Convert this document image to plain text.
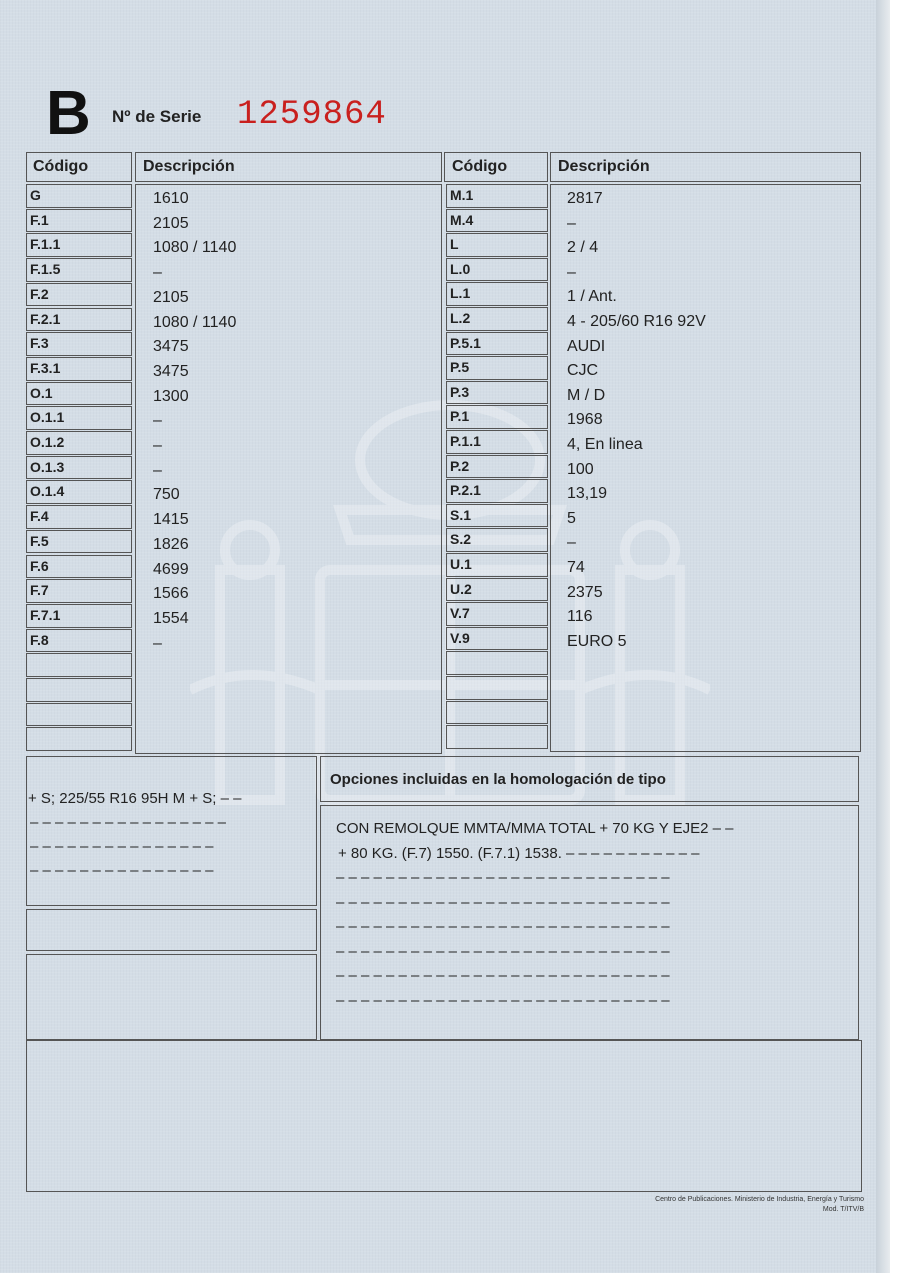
B Nº de Serie 1259864
Código	Descripción	Código	Descripción
G	1610
F.1	2105
F.1.1	1080 / 1140
F.1.5	–
F.2	2105
F.2.1	1080 / 1140
F.3	3475
F.3.1	3475
O.1	1300
O.1.1	–
O.1.2	–
O.1.3	–
O.1.4	750
F.4	1415
F.5	1826
F.6	4699
F.7	1566
F.7.1	1554
F.8	–
M.1	2817
M.4	–
L	2 / 4
L.0	–
L.1	1 / Ant.
L.2	4 - 205/60 R16 92V
P.5.1	AUDI
P.5	CJC
P.3	M / D
P.1	1968
P.1.1	4, En linea
P.2	100
P.2.1	13,19
S.1	5
S.2	–
U.1	74
U.2	2375
V.7	116
V.9	EURO 5
+ S; 225/55 R16 95H M + S; – –
– – – – – – – – – – – – – – – –
– – – – – – – – – – – – – – –
– – – – – – – – – – – – – – –
Opciones incluidas en la homologación de tipo
CON REMOLQUE MMTA/MMA TOTAL + 70 KG Y EJE2 – –
+ 80 KG. (F.7) 1550. (F.7.1) 1538. – – – – – – – – – – –
– – – – – – – – – – – – – – – – – – – – – – – – – – –
– – – – – – – – – – – – – – – – – – – – – – – – – – –
– – – – – – – – – – – – – – – – – – – – – – – – – – –
– – – – – – – – – – – – – – – – – – – – – – – – – – –
– – – – – – – – – – – – – – – – – – – – – – – – – – –
– – – – – – – – – – – – – – – – – – – – – – – – – – –
Centro de Publicaciones. Ministerio de Industria, Energía y Turismo
Mod. T/ITV/B
